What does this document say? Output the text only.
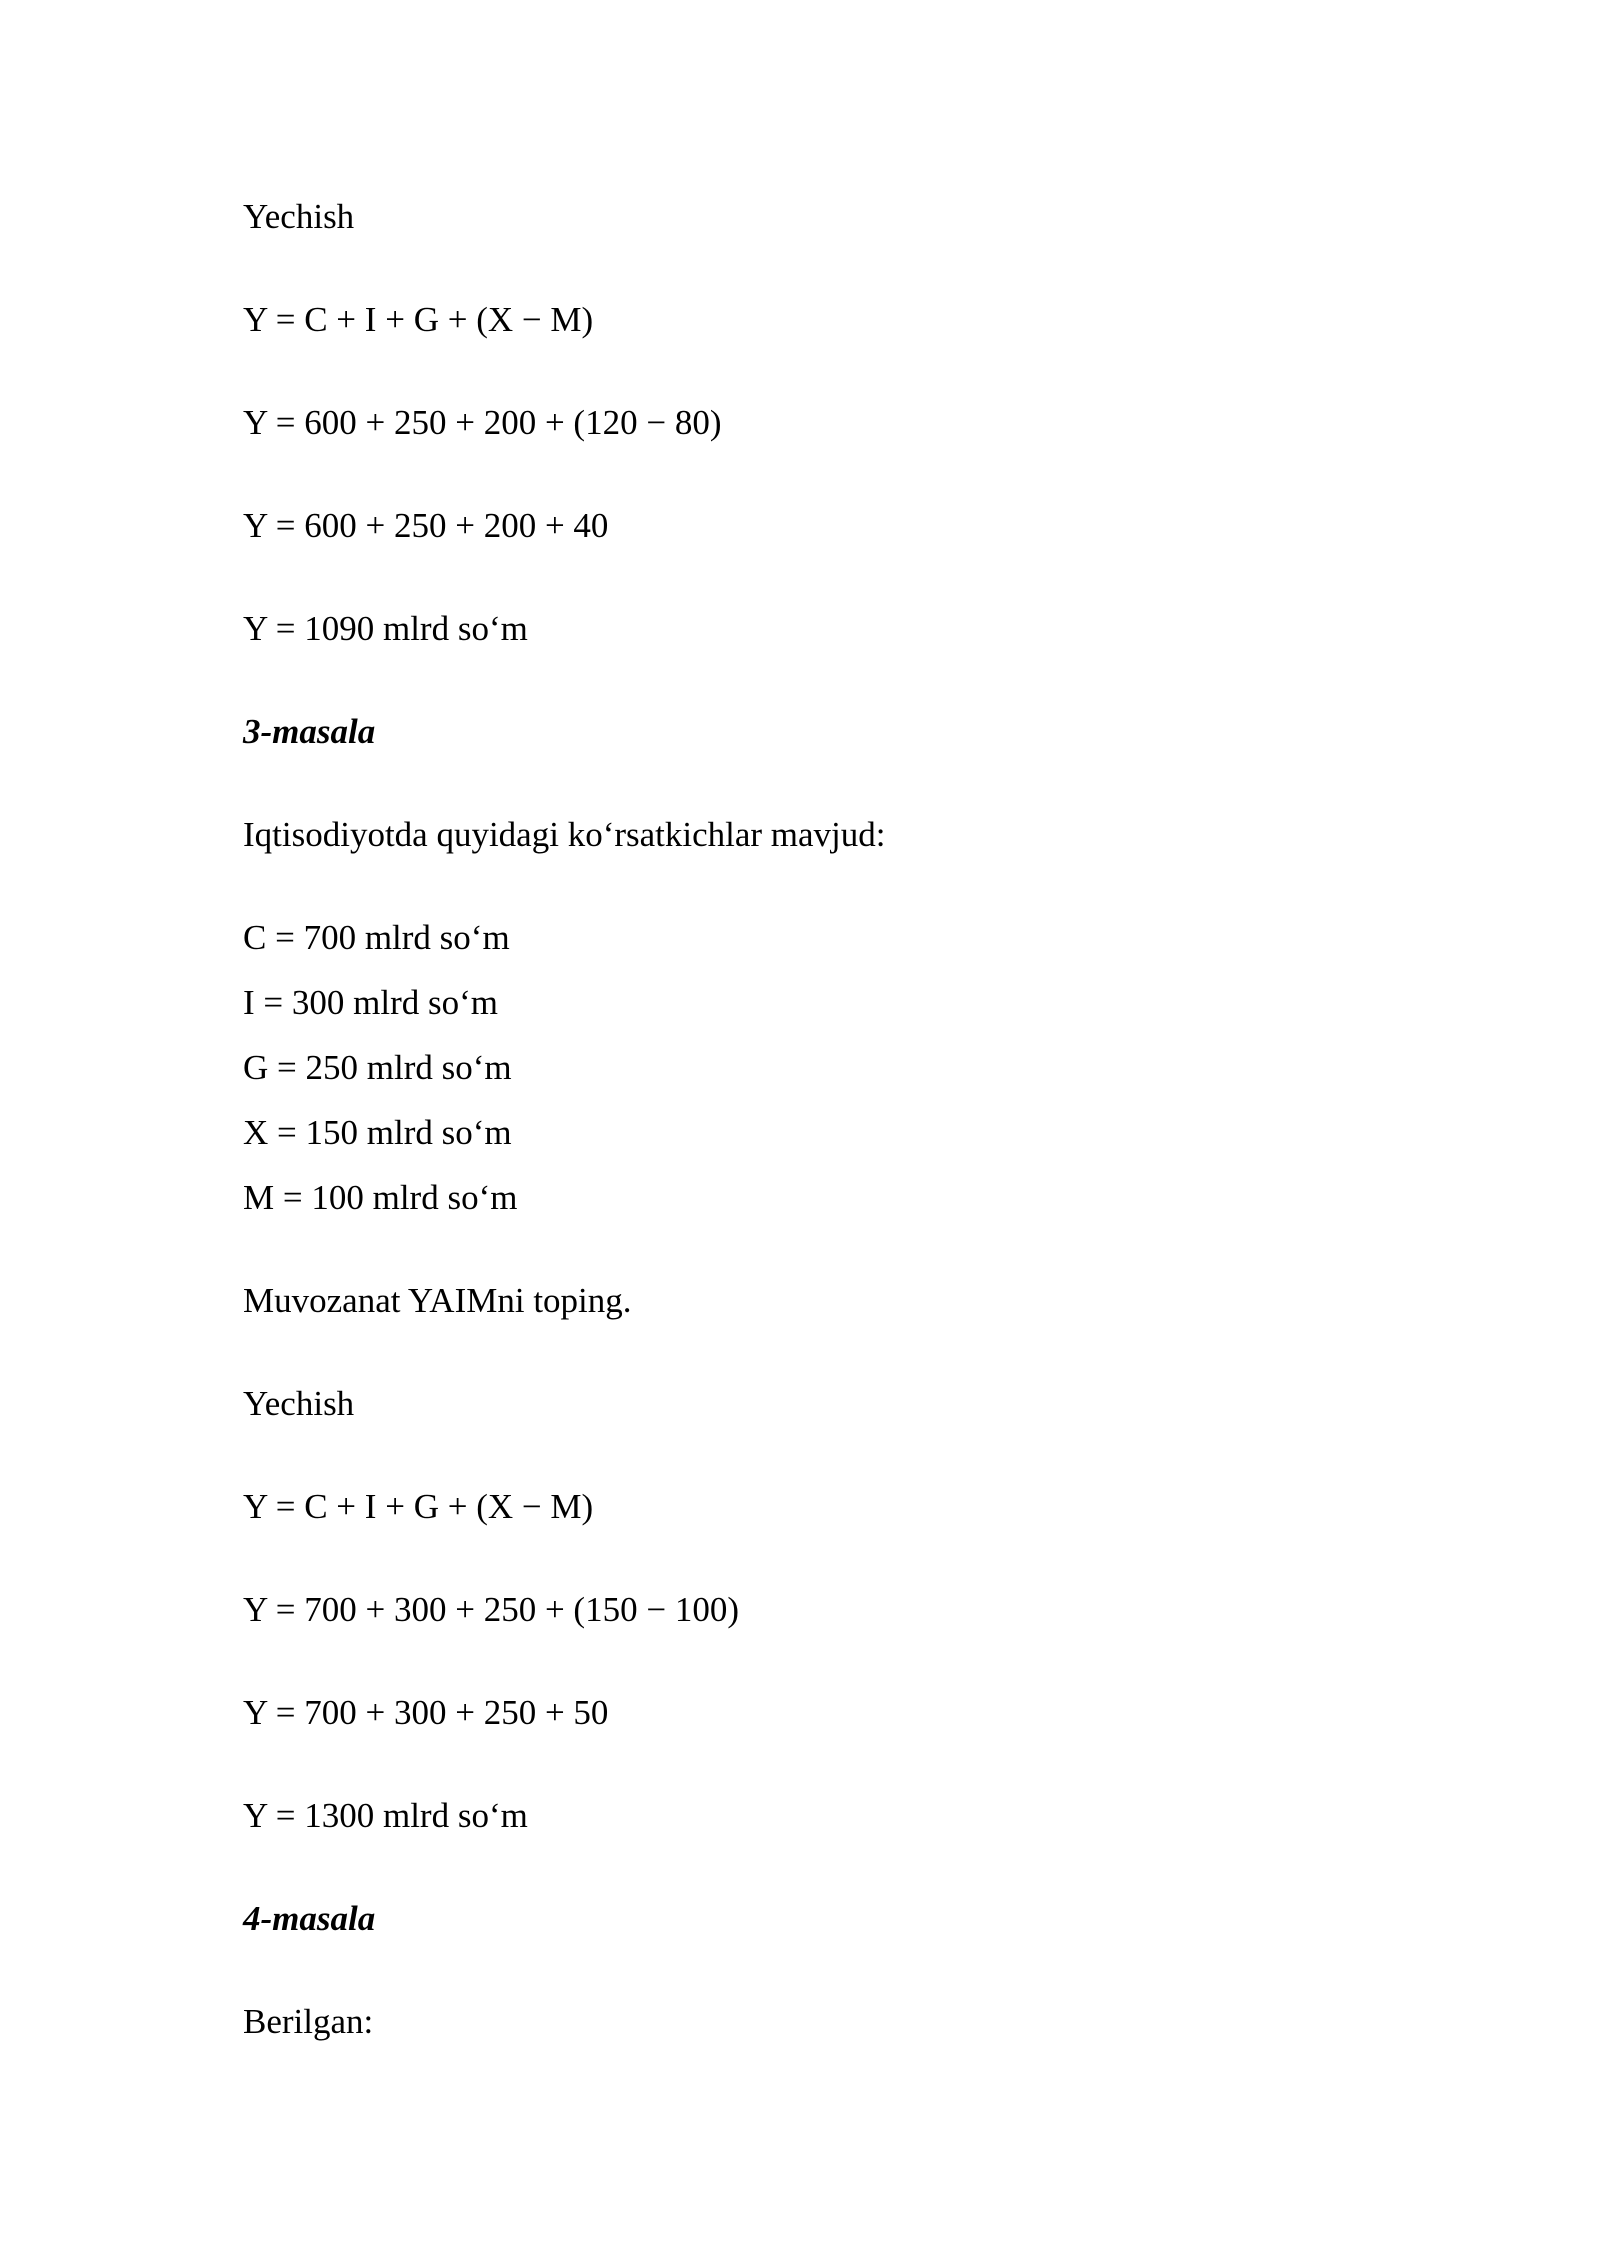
Yechish

Y = C + I + G + (X − M)

Y = 600 + 250 + 200 + (120 − 80)

Y = 600 + 250 + 200 + 40

Y = 1090 mlrd so‘m

3-masala

Iqtisodiyotda quyidagi ko‘rsatkichlar mavjud:

C = 700 mlrd so‘m

I = 300 mlrd so‘m

G = 250 mlrd so‘m

X = 150 mlrd so‘m

M = 100 mlrd so‘m

Muvozanat YAIMni toping.

Yechish

Y = C + I + G + (X − M)

Y = 700 + 300 + 250 + (150 − 100)

Y = 700 + 300 + 250 + 50

Y = 1300 mlrd so‘m

4-masala

Berilgan:
